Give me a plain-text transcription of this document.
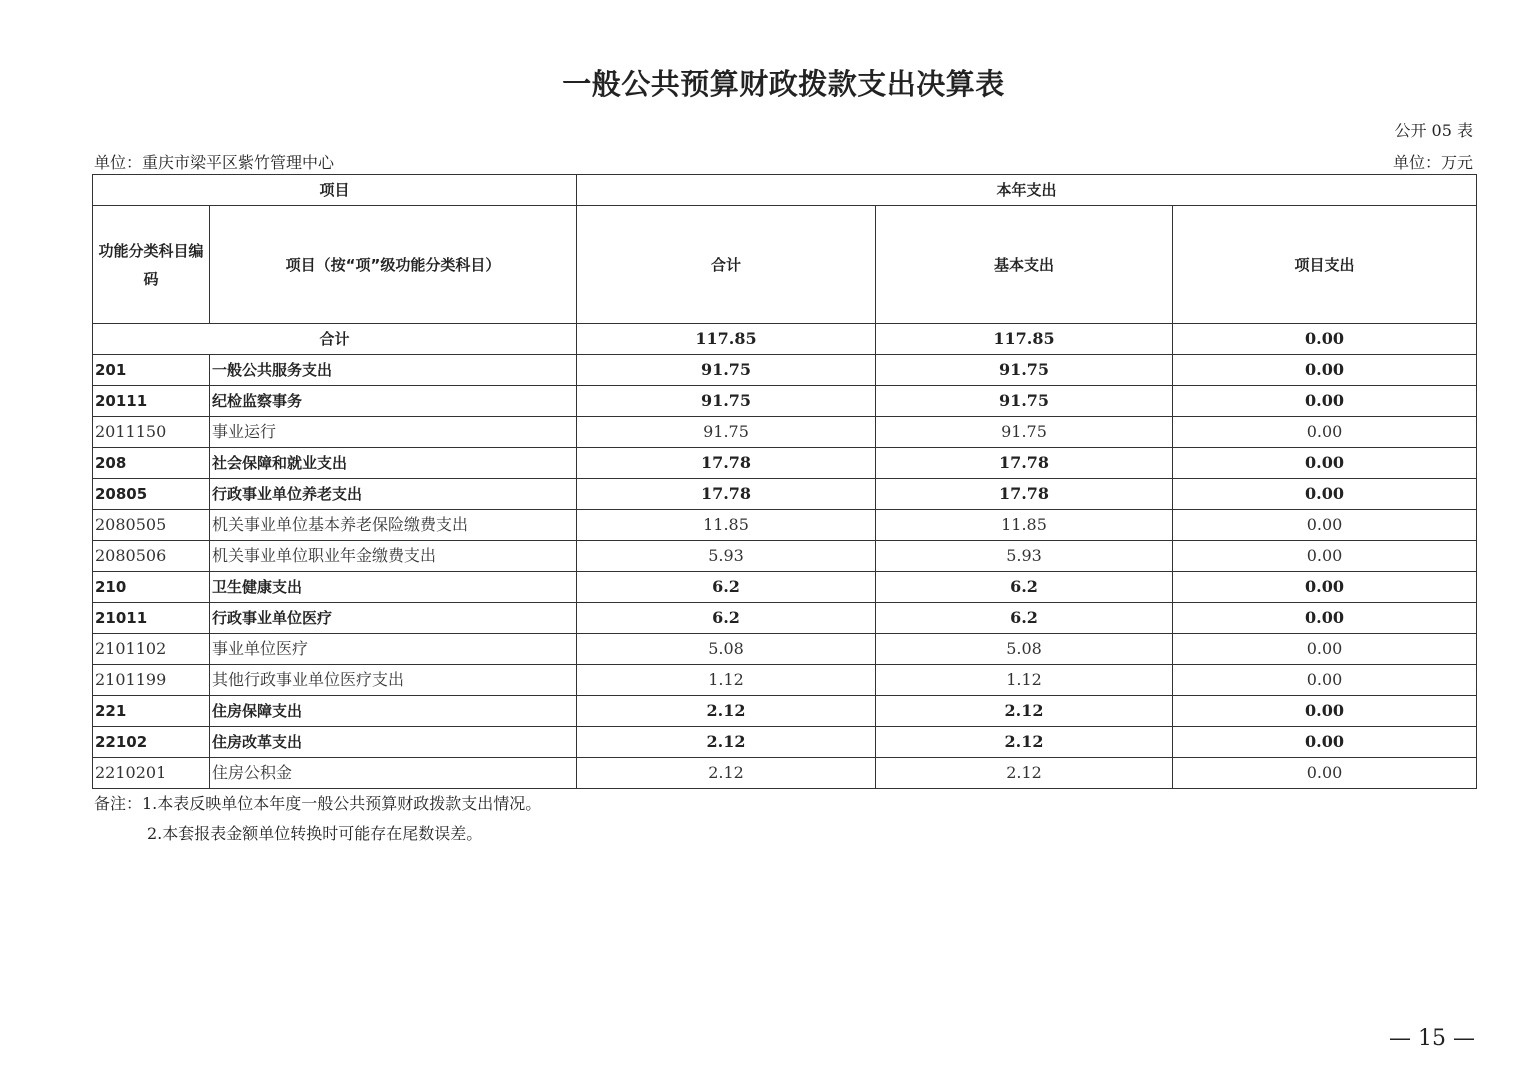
一般公共预算财政拨款支出决算表
公开 05 表
单位：重庆市梁平区紫竹管理中心	单位：万元
项目		本年支出		
功能分类科目编码	项目（按“项”级功能分类科目）	合计	基本支出	项目支出
合计		117.85	117.85	0.00
201	一般公共服务支出	91.75	91.75	0.00
20111	纪检监察事务	91.75	91.75	0.00
2011150	事业运行	91.75	91.75	0.00
208	社会保障和就业支出	17.78	17.78	0.00
20805	行政事业单位养老支出	17.78	17.78	0.00
2080505	机关事业单位基本养老保险缴费支出	11.85	11.85	0.00
2080506	机关事业单位职业年金缴费支出	5.93	5.93	0.00
210	卫生健康支出	6.2	6.2	0.00
21011	行政事业单位医疗	6.2	6.2	0.00
2101102	事业单位医疗	5.08	5.08	0.00
2101199	其他行政事业单位医疗支出	1.12	1.12	0.00
221	住房保障支出	2.12	2.12	0.00
22102	住房改革支出	2.12	2.12	0.00
2210201	住房公积金	2.12	2.12	0.00
备注：1.本表反映单位本年度一般公共预算财政拨款支出情况。
2.本套报表金额单位转换时可能存在尾数误差。
— 15 —
